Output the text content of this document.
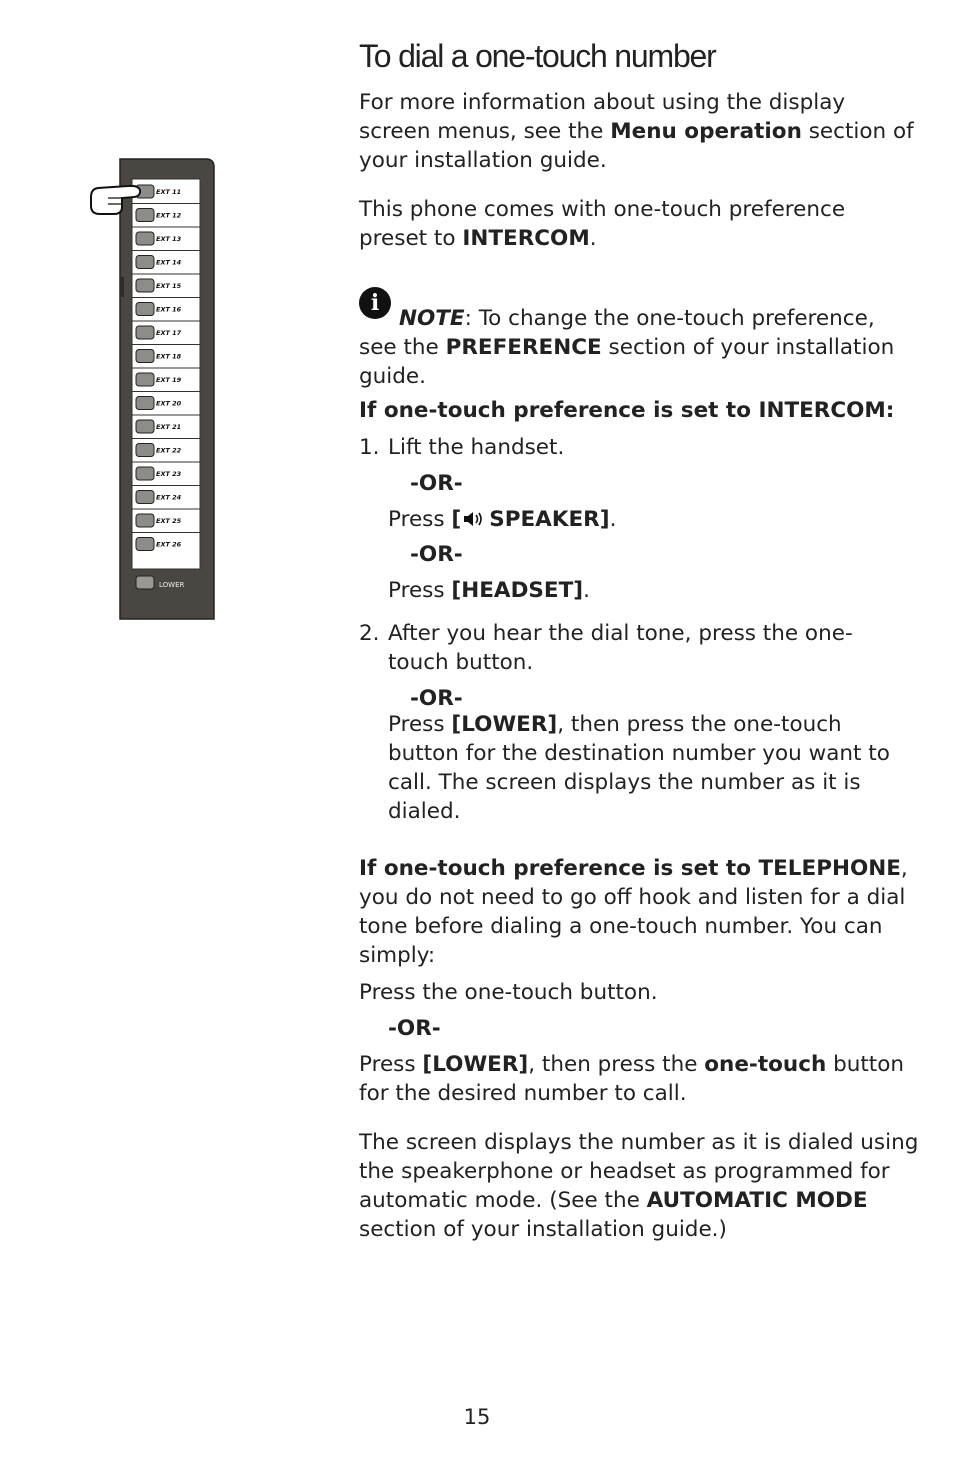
EXT 11
EXT 12
EXT 13
EXT 14
EXT 15
EXT 16
EXT 17
EXT 18
EXT 19
EXT 20
EXT 21
EXT 22
EXT 23
EXT 24
EXT 25
EXT 26
LOWER
To dial a one-touch number

For more information about using the display screen menus, see the Menu operation section of your installation guide.

This phone comes with one-touch preference preset to INTERCOM.

i

NOTE: To change the one-touch preference, see the PREFERENCE section of your installation guide.

If one-touch preference is set to INTERCOM:

1. Lift the handset.
-OR-
Press [ SPEAKER].
-OR-
Press [HEADSET].
2. After you hear the dial tone, press the one-touch button.
-OR-
Press [LOWER], then press the one-touch button for the destination number you want to call. The screen displays the number as it is dialed.

If one-touch preference is set to TELEPHONE, you do not need to go off hook and listen for a dial tone before dialing a one-touch number. You can simply:

Press the one-touch button.
-OR-
Press [LOWER], then press the one-touch button for the desired number to call.

The screen displays the number as it is dialed using the speakerphone or headset as programmed for automatic mode. (See the AUTOMATIC MODE section of your installation guide.)

15
